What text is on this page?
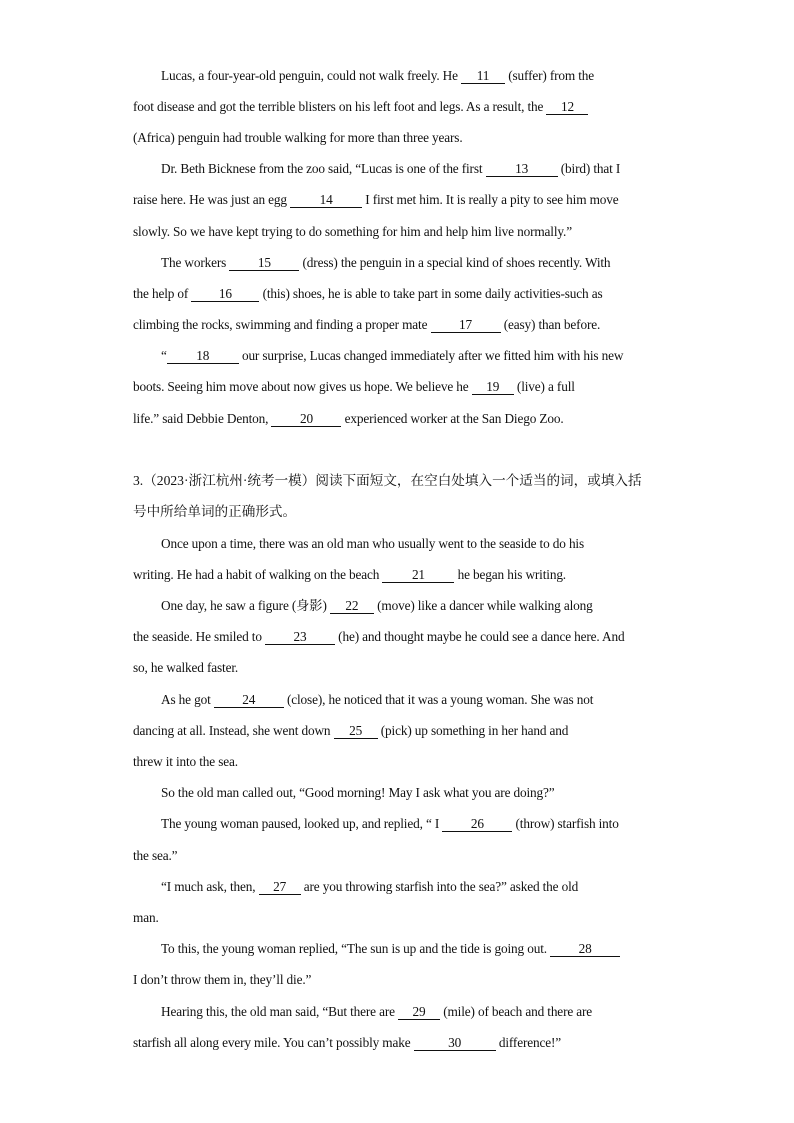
Lucas, a four-year-old penguin, could not walk freely. He 11 (suffer) from the
foot disease and got the terrible blisters on his left foot and legs. As a result, the 12
(Africa) penguin had trouble walking for more than three years.
Dr. Beth Bicknese from the zoo said, “Lucas is one of the first 13 (bird) that I
raise here. He was just an egg 14 I first met him. It is really a pity to see him move
slowly. So we have kept trying to do something for him and help him live normally.”
The workers 15 (dress) the penguin in a special kind of shoes recently. With
the help of 16 (this) shoes, he is able to take part in some daily activities-such as
climbing the rocks, swimming and finding a proper mate 17 (easy) than before.
“ 18 our surprise, Lucas changed immediately after we fitted him with his new
boots. Seeing him move about now gives us hope. We believe he 19 (live) a full
life.” said Debbie Denton, 20 experienced worker at the San Diego Zoo.
3.（2023·浙江杭州·统考一模）阅读下面短文，在空白处填入一个适当的词，或填入括
号中所给单词的正确形式。
Once upon a time, there was an old man who usually went to the seaside to do his
writing. He had a habit of walking on the beach 21 he began his writing.
One day, he saw a figure (身影) 22 (move) like a dancer while walking along
the seaside. He smiled to 23 (he) and thought maybe he could see a dance here. And
so, he walked faster.
As he got 24 (close), he noticed that it was a young woman. She was not
dancing at all. Instead, she went down 25 (pick) up something in her hand and
threw it into the sea.
So the old man called out, “Good morning! May I ask what you are doing?”
The young woman paused, looked up, and replied, “ I 26 (throw) starfish into
the sea.”
“I much ask, then, 27 are you throwing starfish into the sea?” asked the old
man.
To this, the young woman replied, “The sun is up and the tide is going out. 28
I don’t throw them in, they’ll die.”
Hearing this, the old man said, “But there are 29 (mile) of beach and there are
starfish all along every mile. You can’t possibly make	30	difference!”
